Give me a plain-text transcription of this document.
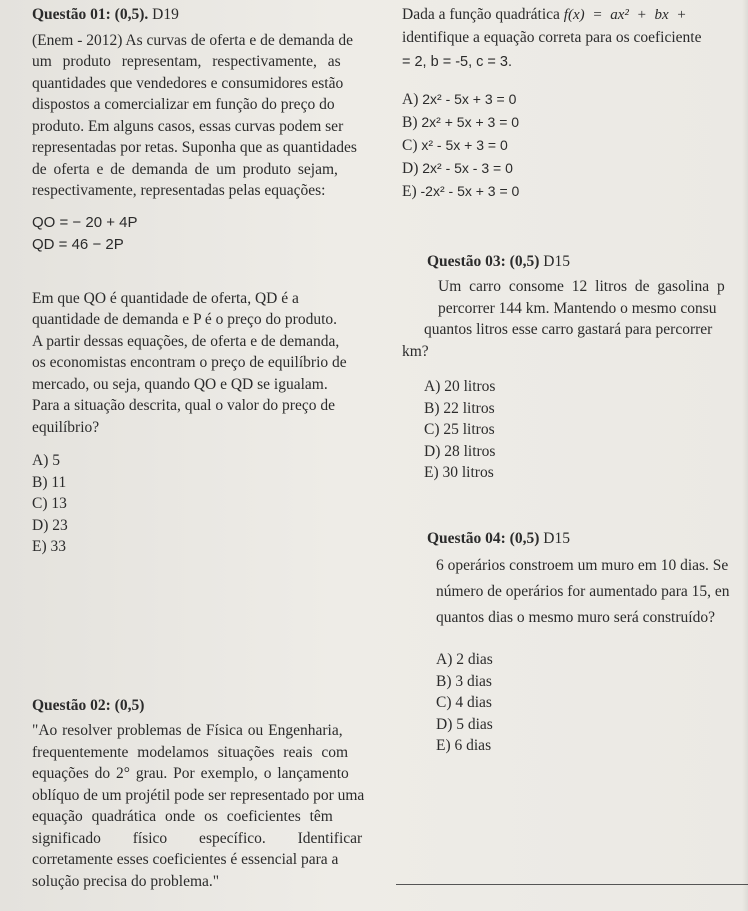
Questão 01: (0,5). D19
(Enem - 2012) As curvas de oferta e de demanda de
um produto representam, respectivamente, as
quantidades que vendedores e consumidores estão
dispostos a comercializar em função do preço do
produto. Em alguns casos, essas curvas podem ser
representadas por retas. Suponha que as quantidades
de oferta e de demanda de um produto sejam,
respectivamente, representadas pelas equações:
QO = − 20 + 4P
QD = 46 − 2P
Em que QO é quantidade de oferta, QD é a
quantidade de demanda e P é o preço do produto.
A partir dessas equações, de oferta e de demanda,
os economistas encontram o preço de equilíbrio de
mercado, ou seja, quando QO e QD se igualam.
Para a situação descrita, qual o valor do preço de
equilíbrio?
A) 5
B) 11
C) 13
D) 23
E) 33
Questão 02: (0,5)
"Ao resolver problemas de Física ou Engenharia,
frequentemente modelamos situações reais com
equações do 2° grau. Por exemplo, o lançamento
oblíquo de um projétil pode ser representado por uma
equação quadrática onde os coeficientes têm
significado físico específico. Identificar
corretamente esses coeficientes é essencial para a
solução precisa do problema."
Dada a função quadrática f(x) = ax² + bx +
identifique a equação correta para os coeficiente
= 2, b = -5, c = 3.
A) 2x² - 5x + 3 = 0
B) 2x² + 5x + 3 = 0
C) x² - 5x + 3 = 0
D) 2x² - 5x - 3 = 0
E) -2x² - 5x + 3 = 0
Questão 03: (0,5) D15
Um carro consome 12 litros de gasolina p
percorrer 144 km. Mantendo o mesmo consu
quantos litros esse carro gastará para percorrer
km?
A) 20 litros
B) 22 litros
C) 25 litros
D) 28 litros
E) 30 litros
Questão 04: (0,5) D15
6 operários constroem um muro em 10 dias. Se
número de operários for aumentado para 15, en
quantos dias o mesmo muro será construído?
A) 2 dias
B) 3 dias
C) 4 dias
D) 5 dias
E) 6 dias
